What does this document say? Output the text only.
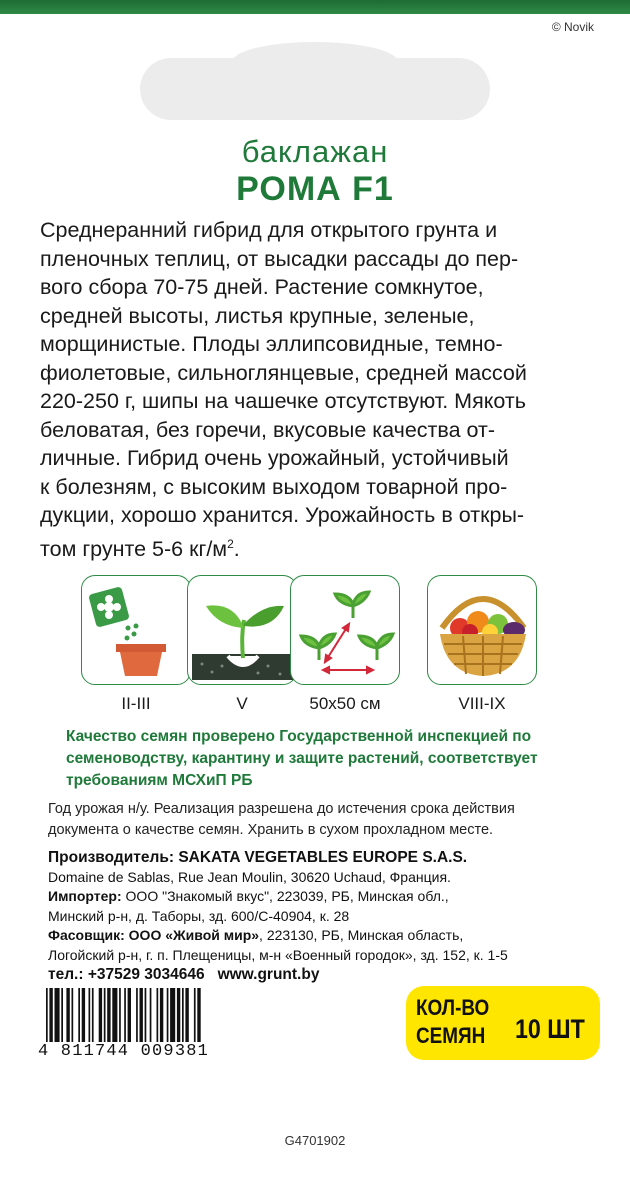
© Novik
баклажан
РОМА F1
Среднеранний гибрид для открытого грунта и
пленочных теплиц, от высадки рассады до пер-
вого сбора 70-75 дней. Растение сомкнутое,
средней высоты, листья крупные, зеленые,
морщинистые. Плоды эллипсовидные, темно-
фиолетовые, сильноглянцевые, средней массой
220-250 г, шипы на чашечке отсутствуют. Мякоть
беловатая, без горечи, вкусовые качества от-
личные. Гибрид очень урожайный, устойчивый
к болезням, с высоким выходом товарной про-
дукции, хорошо хранится. Урожайность в откры-
том грунте 5-6 $кг/м^2$.
II-III	V	50х50 см	VIII-IX
Качество семян проверено Государственной инспекцией по
семеноводству, карантину и защите растений, соответствует
требованиям МСХиП РБ
Год урожая н/у. Реализация разрешена до истечения срока действия
документа о качестве семян. Хранить в сухом прохладном месте.
Производитель: SAKATA VEGETABLES EUROPE S.A.S.
Domaine de Sablas, Rue Jean Moulin, 30620 Uchaud, Франция.
Импортер: ООО "Знакомый вкус", 223039, РБ, Минская обл.,
Минский р-н, д. Таборы, зд. 600/С-40904, к. 28
Фасовщик: ООО «Живой мир», 223130, РБ, Минская область,
Логойский р-н, г. п. Плещеницы, м-н «Военный городок», зд. 152, к. 1-5
тел.: +37529 3034646 www.grunt.by
КОЛ-ВО
СЕМЯН 10 ШТ
4 811744 009381
G4701902
